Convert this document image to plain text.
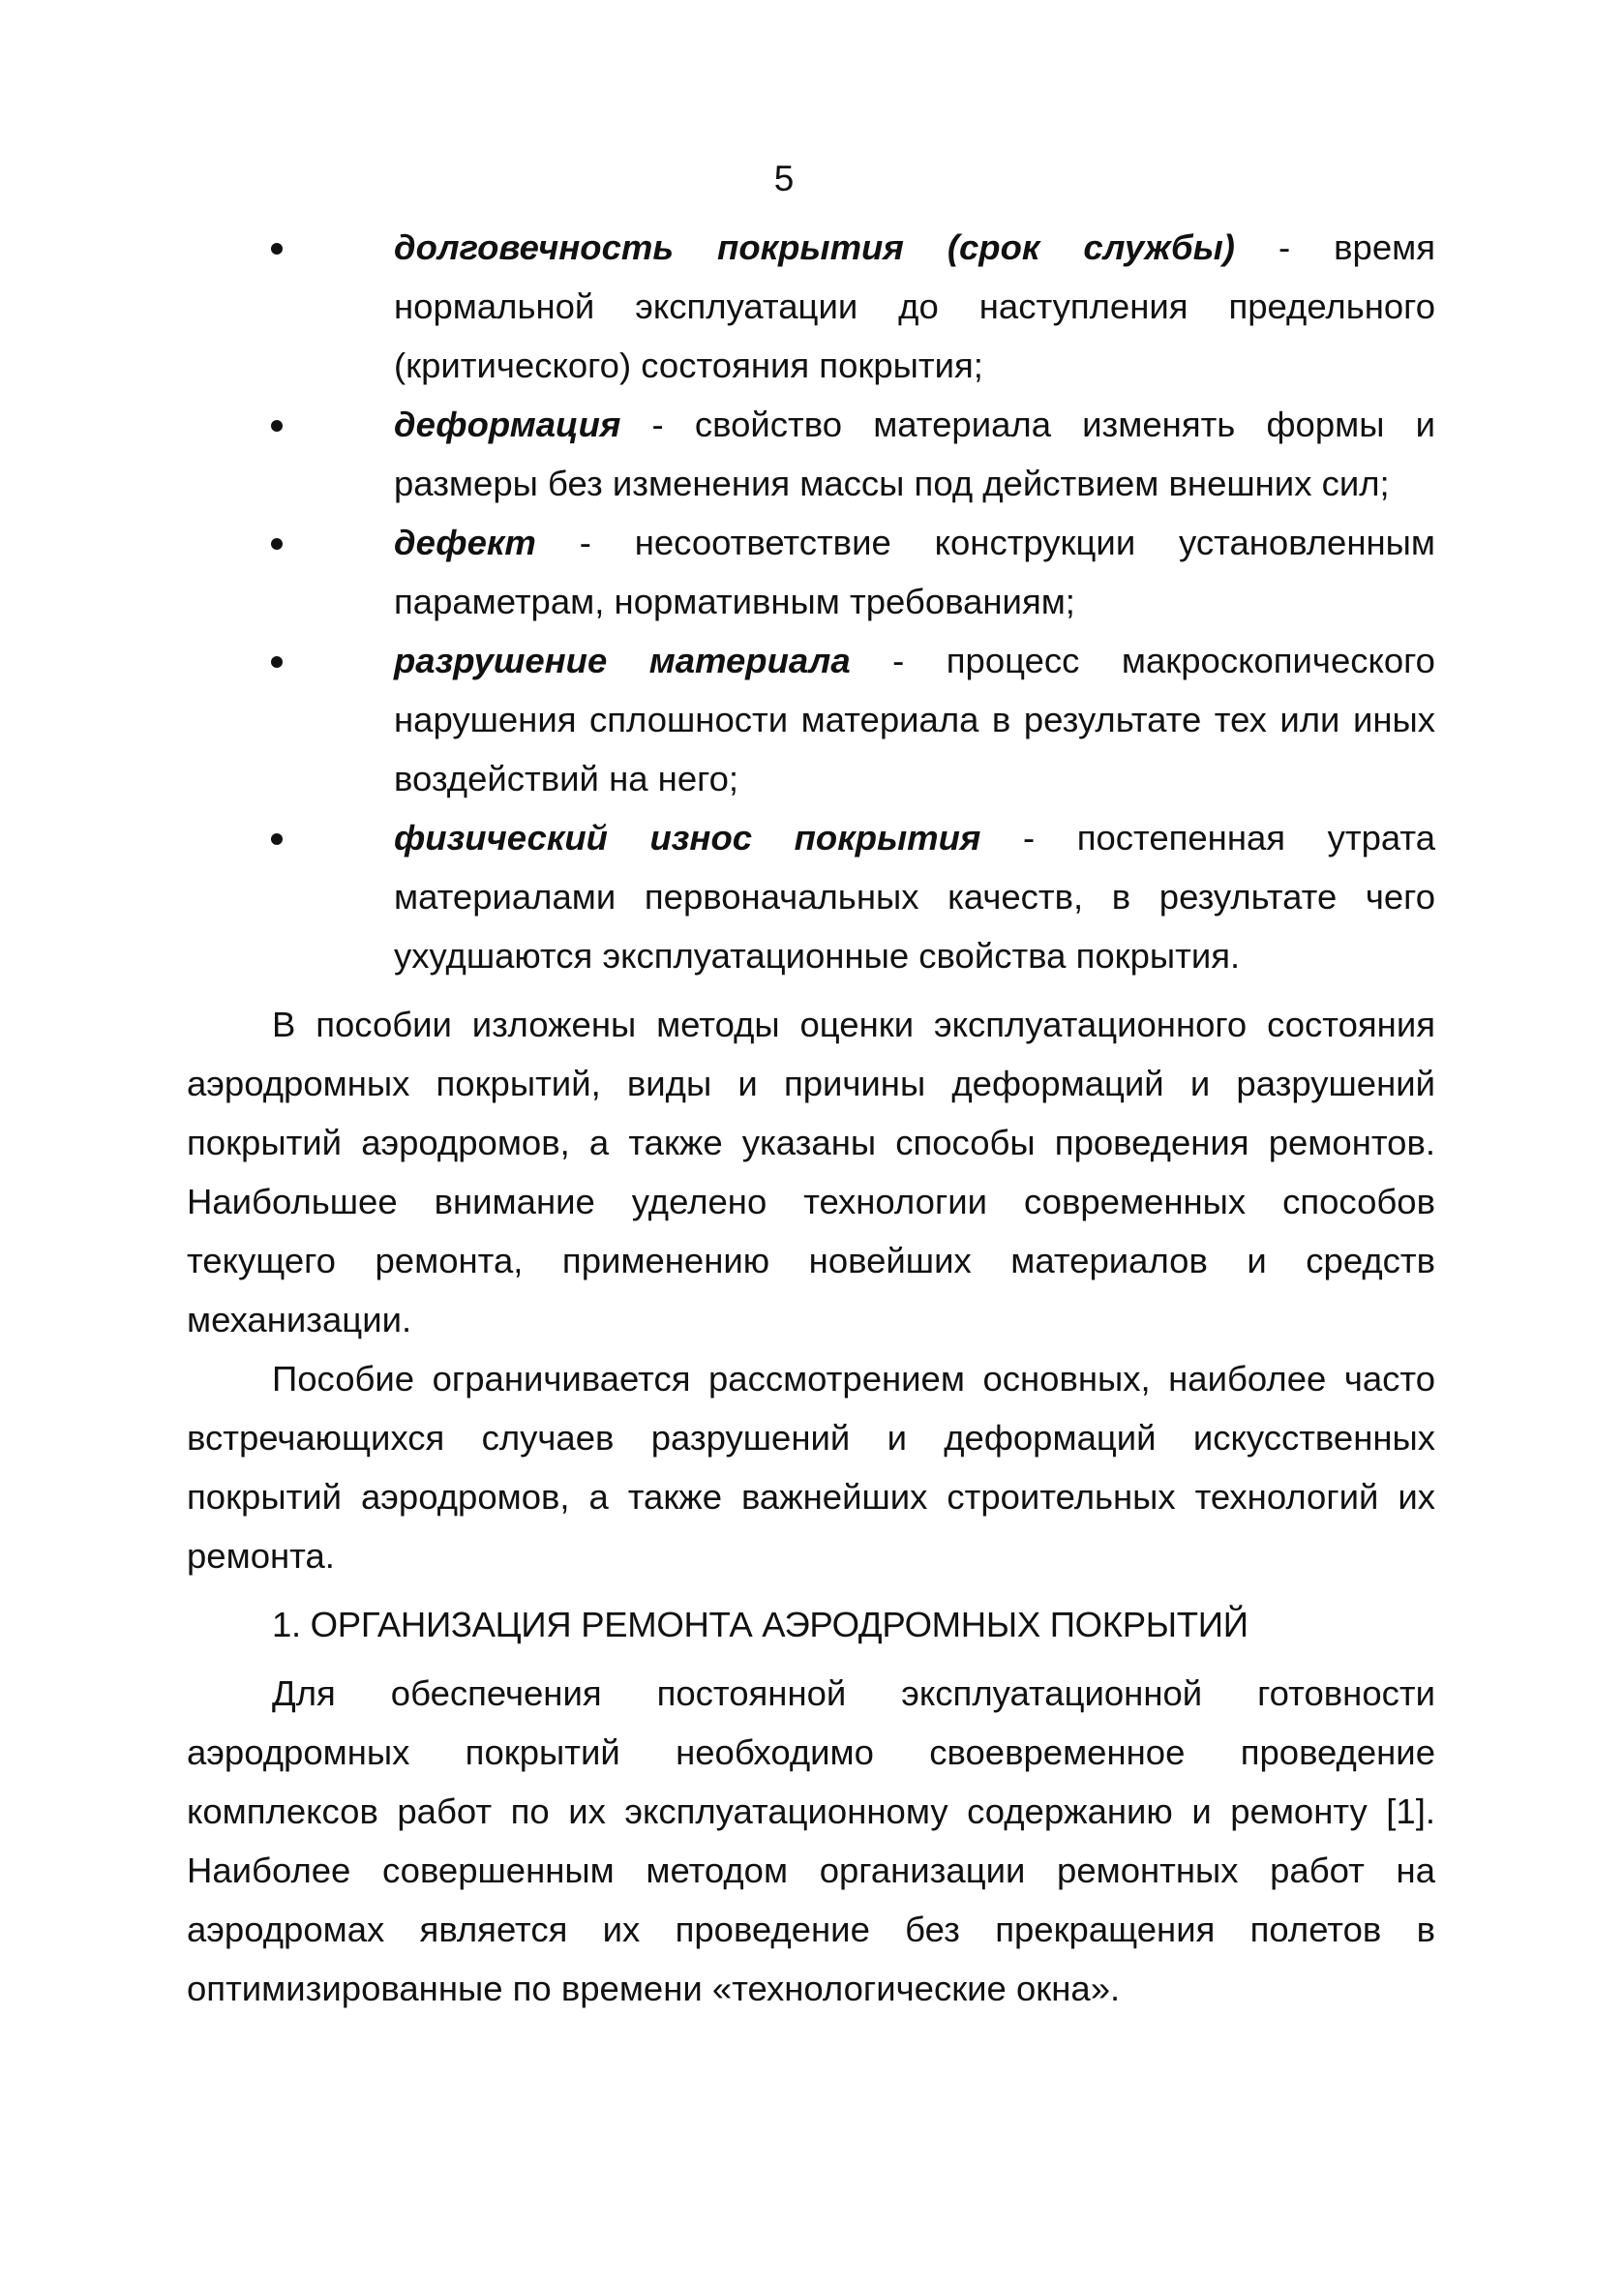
5
долговечность покрытия (срок службы) - время нормальной эксплуатации до наступления предельного (критического) состояния покрытия;
деформация - свойство материала изменять формы и размеры без изменения массы под действием внешних сил;
дефект - несоответствие конструкции установленным параметрам, нормативным требованиям;
разрушение материала - процесс макроскопического нарушения сплошности материала в результате тех или иных воздействий на него;
физический износ покрытия - постепенная утрата материалами первоначальных качеств, в результате чего ухудшаются эксплуатационные свойства покрытия.

В пособии изложены методы оценки эксплуатационного состояния аэродромных покрытий, виды и причины деформаций и разрушений покрытий аэродромов, а также указаны способы проведения ремонтов. Наибольшее внимание уделено технологии современных способов текущего ремонта, применению новейших материалов и средств механизации.

Пособие ограничивается рассмотрением основных, наиболее часто встречающихся случаев разрушений и деформаций искусственных покрытий аэродромов, а также важнейших строительных технологий их ремонта.

1. ОРГАНИЗАЦИЯ РЕМОНТА АЭРОДРОМНЫХ ПОКРЫТИЙ

Для обеспечения постоянной эксплуатационной готовности аэродромных покрытий необходимо своевременное проведение комплексов работ по их эксплуатационному содержанию и ремонту [1]. Наиболее совершенным методом организации ремонтных работ на аэродромах является их проведение без прекращения полетов в оптимизированные по времени «технологические окна».
